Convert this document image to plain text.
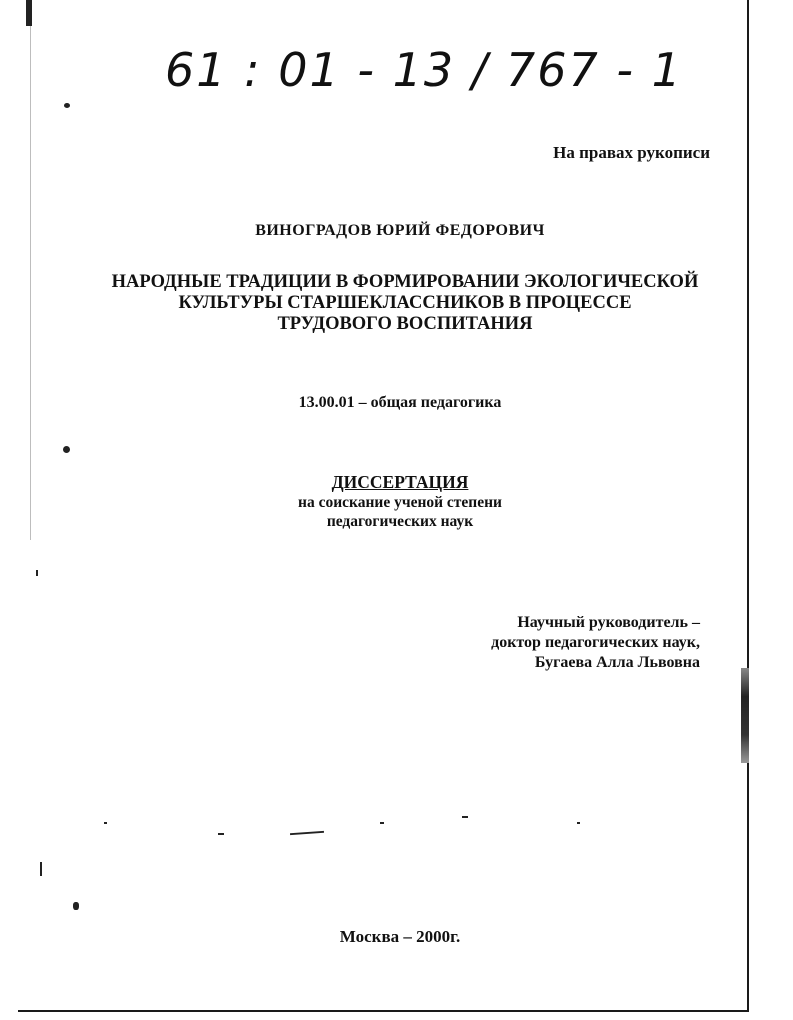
61 : 01 - 13 / 767 - 1
На правах рукописи
ВИНОГРАДОВ ЮРИЙ ФЕДОРОВИЧ
НАРОДНЫЕ ТРАДИЦИИ В ФОРМИРОВАНИИ ЭКОЛОГИЧЕСКОЙ
КУЛЬТУРЫ СТАРШЕКЛАССНИКОВ В ПРОЦЕССЕ
ТРУДОВОГО ВОСПИТАНИЯ
13.00.01 – общая педагогика
ДИССЕРТАЦИЯ
на соискание ученой степени
педагогических наук
Научный руководитель –
доктор педагогических наук,
Бугаева Алла Львовна
Москва – 2000г.
